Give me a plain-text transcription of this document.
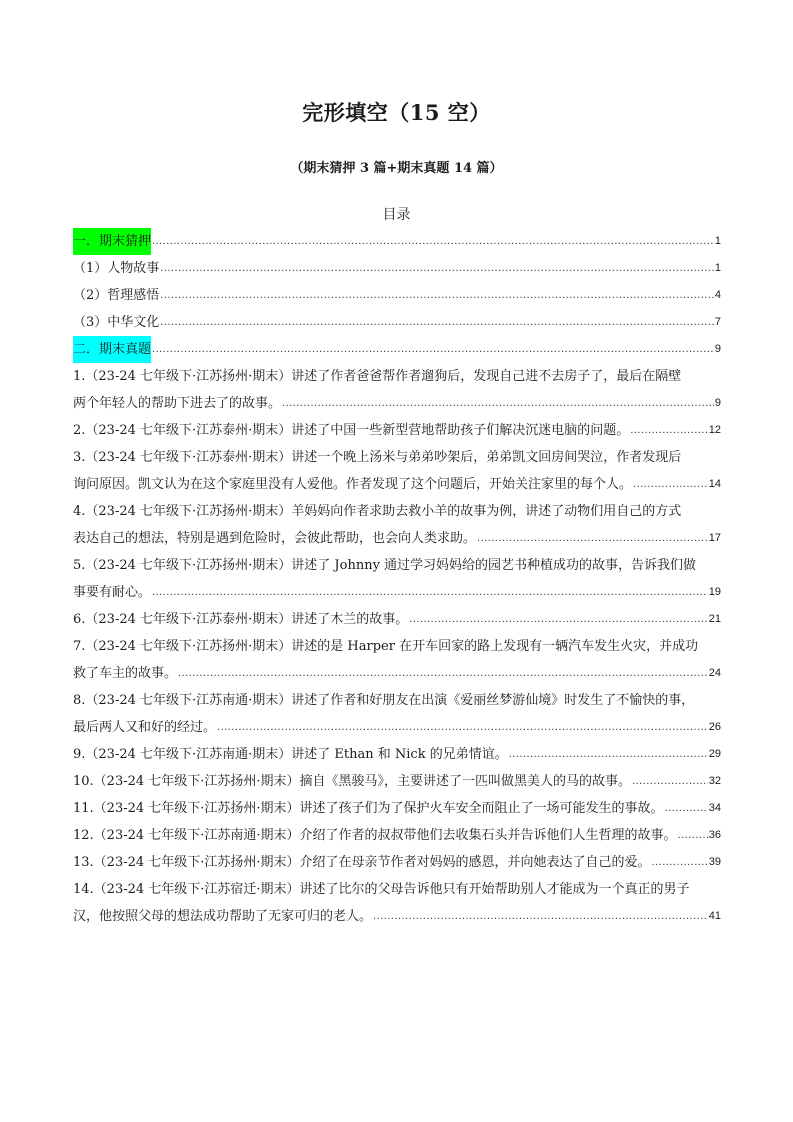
完形填空（15 空）
（期末猜押 3 篇+期末真题 14 篇）
目录
一．期末猜押 .....	1
（1）人物故事 .....	1
（2）哲理感悟 .....	4
（3）中华文化 .....	7
二．期末真题 .....	9
1.（23-24 七年级下·江苏扬州·期末）讲述了作者爸爸帮作者遛狗后，发现自己进不去房子了，最后在隔壁
两个年轻人的帮助下进去了的故事。 .....	9
2.（23-24 七年级下·江苏泰州·期末）讲述了中国一些新型营地帮助孩子们解决沉迷电脑的问题。 .....	12
3.（23-24 七年级下·江苏泰州·期末）讲述一个晚上汤米与弟弟吵架后，弟弟凯文回房间哭泣，作者发现后
询问原因。凯文认为在这个家庭里没有人爱他。作者发现了这个问题后，开始关注家里的每个人。 .....	14
4.（23-24 七年级下·江苏扬州·期末）羊妈妈向作者求助去救小羊的故事为例，讲述了动物们用自己的方式
表达自己的想法，特别是遇到危险时，会彼此帮助，也会向人类求助。 .....	17
5.（23-24 七年级下·江苏扬州·期末）讲述了 Johnny 通过学习妈妈给的园艺书种植成功的故事，告诉我们做
事要有耐心。 .....	19
6.（23-24 七年级下·江苏泰州·期末）讲述了木兰的故事。 .....	21
7.（23-24 七年级下·江苏扬州·期末）讲述的是 Harper 在开车回家的路上发现有一辆汽车发生火灾，并成功
救了车主的故事。 .....	24
8.（23-24 七年级下·江苏南通·期末）讲述了作者和好朋友在出演《爱丽丝梦游仙境》时发生了不愉快的事，
最后两人又和好的经过。 .....	26
9.（23-24 七年级下·江苏南通·期末）讲述了 Ethan 和 Nick 的兄弟情谊。 .....	29
10.（23-24 七年级下·江苏扬州·期末）摘自《黑骏马》，主要讲述了一匹叫做黑美人的马的故事。 .....	32
11.（23-24 七年级下·江苏扬州·期末）讲述了孩子们为了保护火车安全而阻止了一场可能发生的事故。 .....	34
12.（23-24 七年级下·江苏南通·期末）介绍了作者的叔叔带他们去收集石头并告诉他们人生哲理的故事。 .....	36
13.（23-24 七年级下·江苏扬州·期末）介绍了在母亲节作者对妈妈的感恩，并向她表达了自己的爱。 .....	39
14.（23-24 七年级下·江苏宿迁·期末）讲述了比尔的父母告诉他只有开始帮助别人才能成为一个真正的男子
汉，他按照父母的想法成功帮助了无家可归的老人。 .....	41
